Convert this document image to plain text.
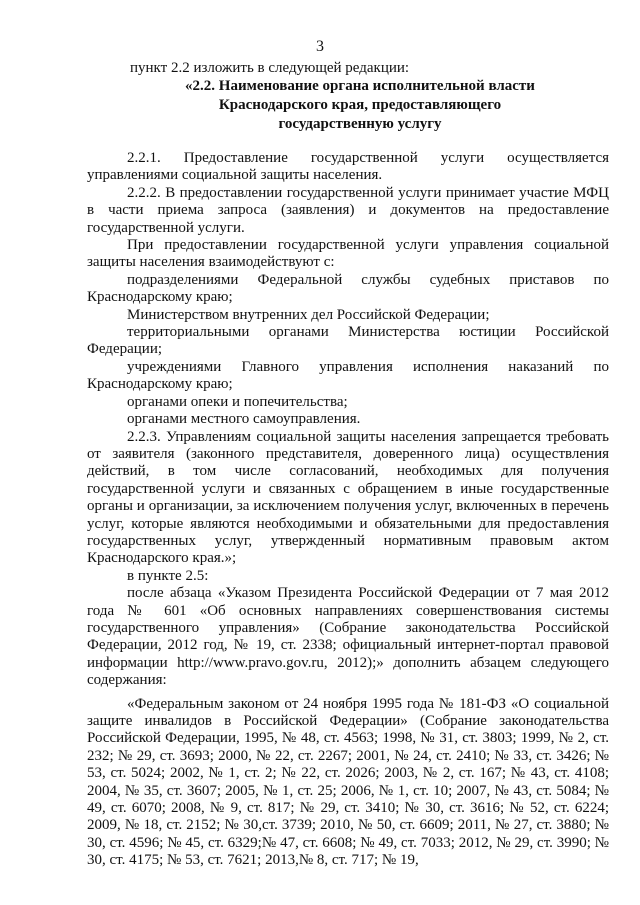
3
пункт 2.2 изложить в следующей редакции:
«2.2. Наименование органа исполнительной власти
Краснодарского края, предоставляющего
государственную услугу

2.2.1. Предоставление государственной услуги осуществляется управлениями социальной защиты населения.

2.2.2. В предоставлении государственной услуги принимает участие МФЦ в части приема запроса (заявления) и документов на предоставление государственной услуги.

При предоставлении государственной услуги управления социальной защиты населения взаимодействуют с:

подразделениями Федеральной службы судебных приставов по Краснодарскому краю;

Министерством внутренних дел Российской Федерации;

территориальными органами Министерства юстиции Российской Федерации;

учреждениями Главного управления исполнения наказаний по Краснодарскому краю;

органами опеки и попечительства;

органами местного самоуправления.

2.2.3. Управлениям социальной защиты населения запрещается требовать от заявителя (законного представителя, доверенного лица) осуществления действий, в том числе согласований, необходимых для получения государственной услуги и связанных с обращением в иные государственные органы и организации, за исключением получения услуг, включенных в перечень услуг, которые являются необходимыми и обязательными для предоставления государственных услуг, утвержденный нормативным правовым актом Краснодарского края.»;

в пункте 2.5:

после абзаца «Указом Президента Российской Федерации от 7 мая 2012 года № 601 «Об основных направлениях совершенствования системы государственного управления» (Собрание законодательства Российской Федерации, 2012 год, № 19, ст. 2338; официальный интернет-портал правовой информации http://www.pravo.gov.ru, 2012);» дополнить абзацем следующего содержания:

«Федеральным законом от 24 ноября 1995 года № 181-ФЗ «О социальной защите инвалидов в Российской Федерации» (Собрание законодательства Российской Федерации, 1995, № 48, ст. 4563; 1998, № 31, ст. 3803; 1999, № 2, ст. 232; № 29, ст. 3693; 2000, № 22, ст. 2267; 2001, № 24, ст. 2410; № 33, ст. 3426; № 53, ст. 5024; 2002, № 1, ст. 2; № 22, ст. 2026; 2003, № 2, ст. 167; № 43, ст. 4108; 2004, № 35, ст. 3607; 2005, № 1, ст. 25; 2006, № 1, ст. 10; 2007, № 43, ст. 5084; № 49, ст. 6070; 2008, № 9, ст. 817; № 29, ст. 3410; № 30, ст. 3616; № 52, ст. 6224; 2009, № 18, ст. 2152; № 30,ст. 3739; 2010, № 50, ст. 6609; 2011, № 27, ст. 3880; № 30, ст. 4596; № 45, ст. 6329;№ 47, ст. 6608; № 49, ст. 7033; 2012, № 29, ст. 3990; № 30, ст. 4175; № 53, ст. 7621; 2013,№ 8, ст. 717; № 19,
